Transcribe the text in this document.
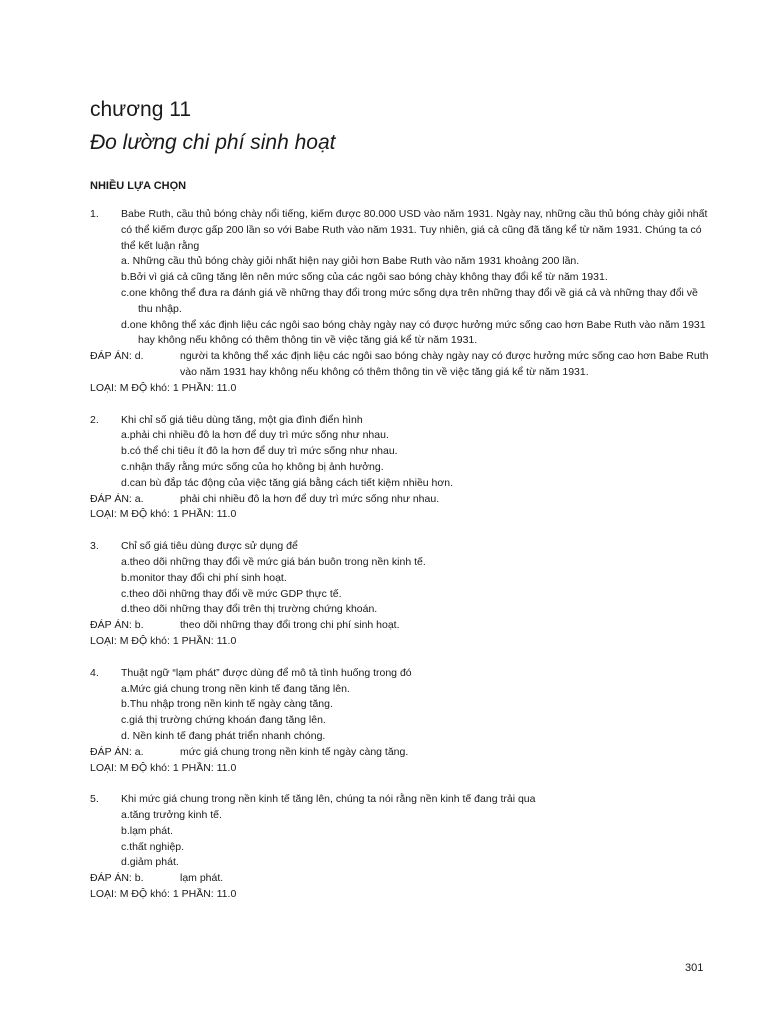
chương 11
Đo lường chi phí sinh hoạt
NHIỀU LỰA CHỌN
1.	Babe Ruth, cầu thủ bóng chày nổi tiếng, kiếm được 80.000 USD vào năm 1931. Ngày nay, những cầu thủ bóng chày giỏi nhất có thể kiếm được gấp 200 lần so với Babe Ruth vào năm 1931. Tuy nhiên, giá cả cũng đã tăng kể từ năm 1931. Chúng ta có thể kết luận rằng
a. Những cầu thủ bóng chày giỏi nhất hiện nay giỏi hơn Babe Ruth vào năm 1931 khoảng 200 lần.
b.Bởi vì giá cả cũng tăng lên nên mức sống của các ngôi sao bóng chày không thay đổi kể từ năm 1931.
c.one không thể đưa ra đánh giá về những thay đổi trong mức sống dựa trên những thay đổi về giá cả và những thay đổi về thu nhập.
d.one không thể xác định liệu các ngôi sao bóng chày ngày nay có được hưởng mức sống cao hơn Babe Ruth vào năm 1931 hay không nếu không có thêm thông tin về việc tăng giá kể từ năm 1931.
ĐÁP ÁN: d.	người ta không thể xác định liệu các ngôi sao bóng chày ngày nay có được hưởng mức sống cao hơn Babe Ruth vào năm 1931 hay không nếu không có thêm thông tin về việc tăng giá kể từ năm 1931.
LOẠI: M ĐỘ khó: 1 PHẦN: 11.0
2.	Khi chỉ số giá tiêu dùng tăng, một gia đình điển hình
a.phải chi nhiều đô la hơn để duy trì mức sống như nhau.
b.có thể chi tiêu ít đô la hơn để duy trì mức sống như nhau.
c.nhận thấy rằng mức sống của họ không bị ảnh hưởng.
d.can bù đắp tác động của việc tăng giá bằng cách tiết kiệm nhiều hơn.
ĐÁP ÁN: a.	phải chi nhiều đô la hơn để duy trì mức sống như nhau.
LOẠI: M ĐỘ khó: 1 PHẦN: 11.0
3.	Chỉ số giá tiêu dùng được sử dụng để
a.theo dõi những thay đổi về mức giá bán buôn trong nền kinh tế.
b.monitor thay đổi chi phí sinh hoạt.
c.theo dõi những thay đổi về mức GDP thực tế.
d.theo dõi những thay đổi trên thị trường chứng khoán.
ĐÁP ÁN: b.	theo dõi những thay đổi trong chi phí sinh hoạt.
LOẠI: M ĐỘ khó: 1 PHẦN: 11.0
4.	Thuật ngữ “lạm phát” được dùng để mô tả tình huống trong đó
a.Mức giá chung trong nền kinh tế đang tăng lên.
b.Thu nhập trong nền kinh tế ngày càng tăng.
c.giá thị trường chứng khoán đang tăng lên.
d. Nền kinh tế đang phát triển nhanh chóng.
ĐÁP ÁN: a.	mức giá chung trong nền kinh tế ngày càng tăng.
LOẠI: M ĐỘ khó: 1 PHẦN: 11.0
5.	Khi mức giá chung trong nền kinh tế tăng lên, chúng ta nói rằng nền kinh tế đang trải qua
a.tăng trưởng kinh tế.
b.lạm phát.
c.thất nghiệp.
d.giảm phát.
ĐÁP ÁN: b.	lạm phát.
LOẠI: M ĐỘ khó: 1 PHẦN: 11.0
301
